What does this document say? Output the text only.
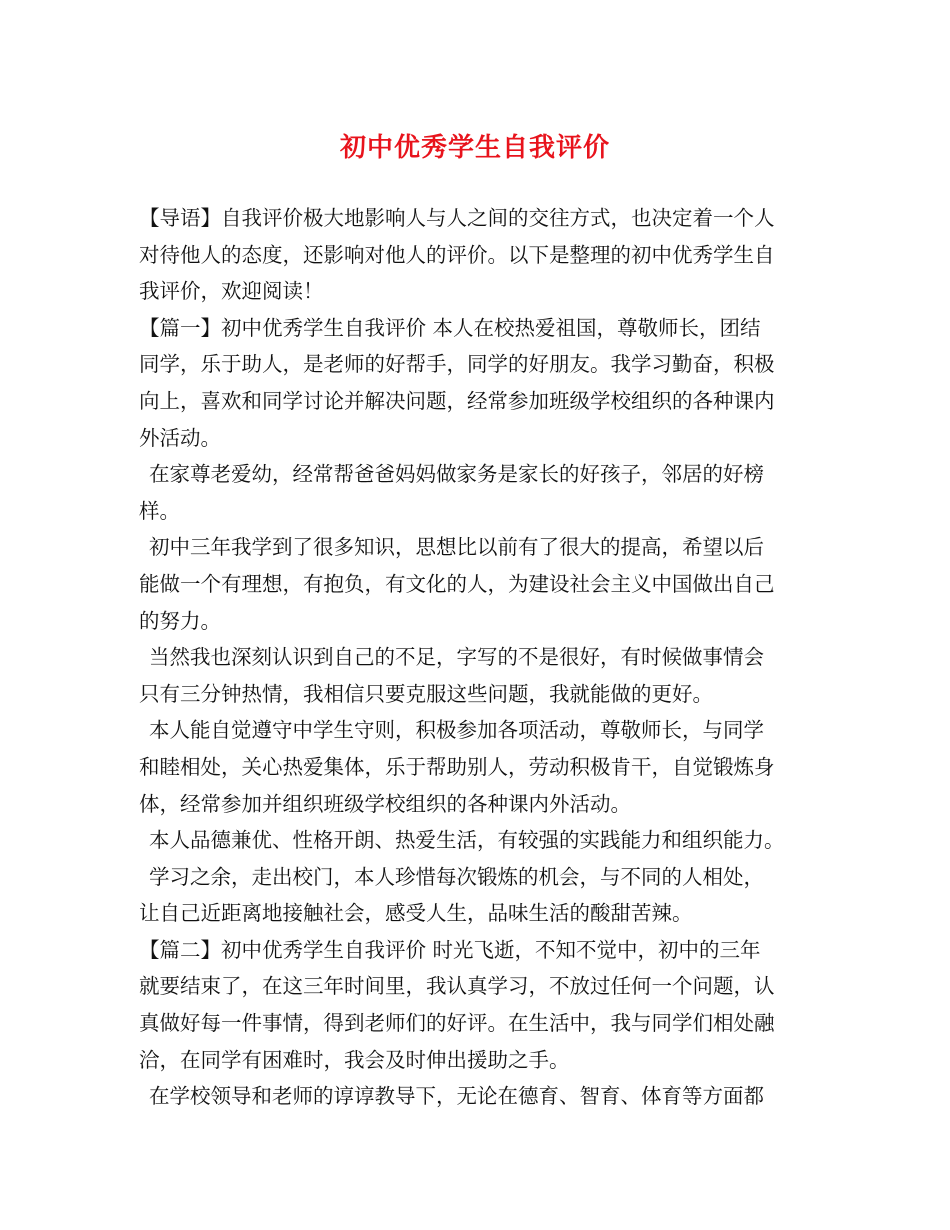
初中优秀学生自我评价
【导语】自我评价极大地影响人与人之间的交往方式，也决定着一个人
对待他人的态度，还影响对他人的评价。以下是整理的初中优秀学生自
我评价，欢迎阅读！
【篇一】初中优秀学生自我评价 本人在校热爱祖国，尊敬师长，团结
同学，乐于助人，是老师的好帮手，同学的好朋友。我学习勤奋，积极
向上，喜欢和同学讨论并解决问题，经常参加班级学校组织的各种课内
外活动。
在家尊老爱幼，经常帮爸爸妈妈做家务是家长的好孩子，邻居的好榜
样。
初中三年我学到了很多知识，思想比以前有了很大的提高，希望以后
能做一个有理想，有抱负，有文化的人，为建设社会主义中国做出自己
的努力。
当然我也深刻认识到自己的不足，字写的不是很好，有时候做事情会
只有三分钟热情，我相信只要克服这些问题，我就能做的更好。
本人能自觉遵守中学生守则，积极参加各项活动，尊敬师长，与同学
和睦相处，关心热爱集体，乐于帮助别人，劳动积极肯干，自觉锻炼身
体，经常参加并组织班级学校组织的各种课内外活动。
本人品德兼优、性格开朗、热爱生活，有较强的实践能力和组织能力。
学习之余，走出校门，本人珍惜每次锻炼的机会，与不同的人相处，
让自己近距离地接触社会，感受人生，品味生活的酸甜苦辣。
【篇二】初中优秀学生自我评价 时光飞逝，不知不觉中，初中的三年
就要结束了，在这三年时间里，我认真学习，不放过任何一个问题，认
真做好每一件事情，得到老师们的好评。在生活中，我与同学们相处融
洽，在同学有困难时，我会及时伸出援助之手。
在学校领导和老师的谆谆教导下，无论在德育、智育、体育等方面都
